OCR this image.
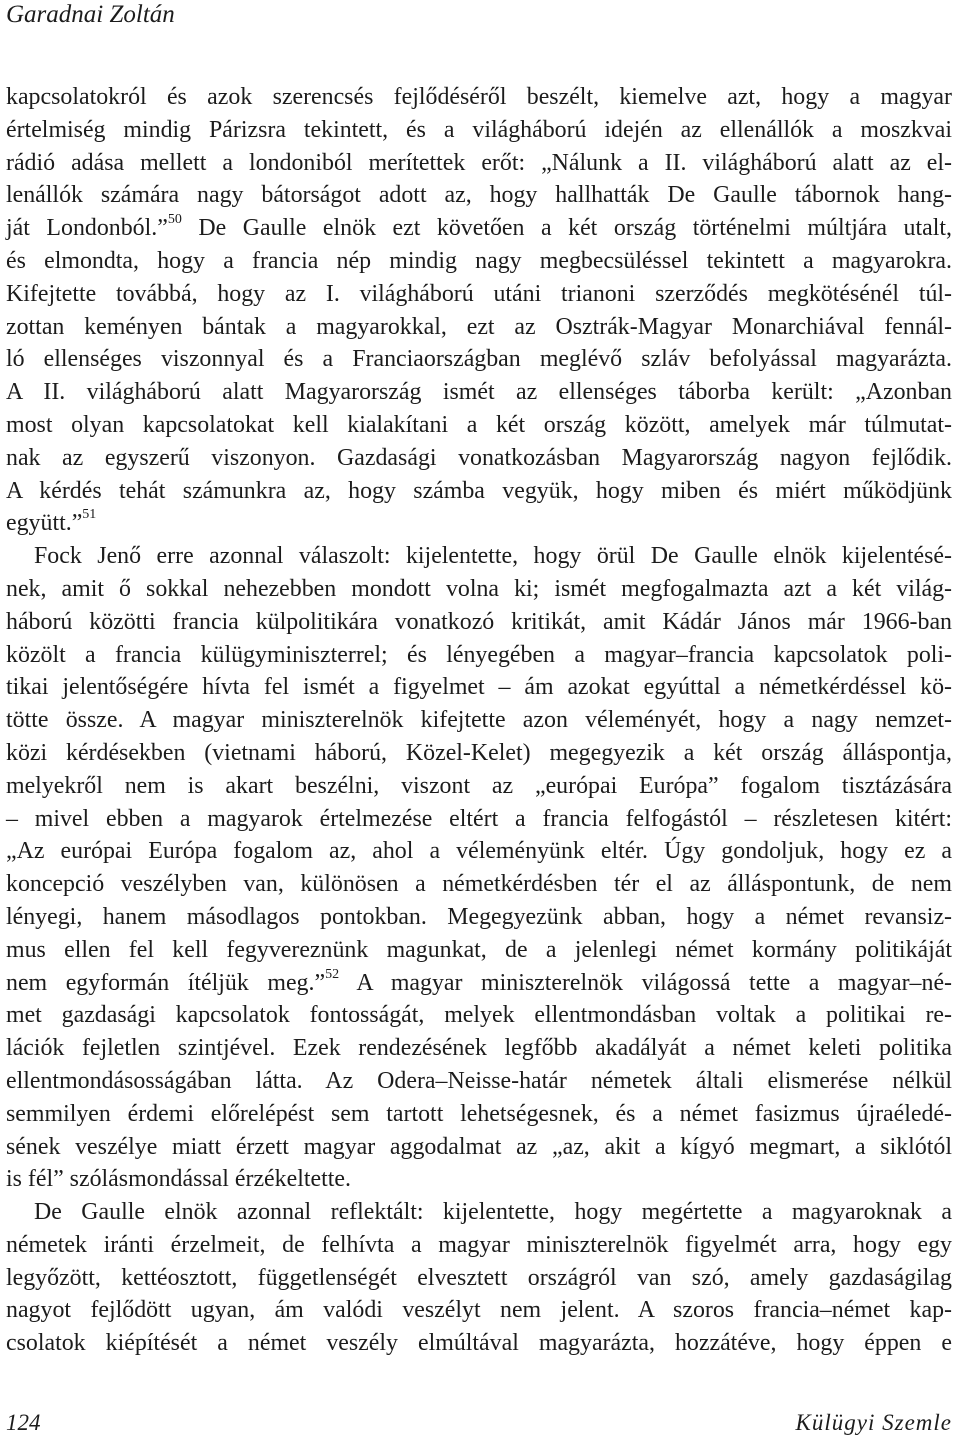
Garadnai Zoltán

kapcsolatokról és azok szerencsés fejlődéséről beszélt, kiemelve azt, hogy a magyar
értelmiség mindig Párizsra tekintett, és a világháború idején az ellenállók a moszkvai
rádió adása mellett a londoniból merítettek erőt: „Nálunk a II. világháború alatt az el-
lenállók számára nagy bátorságot adott az, hogy hallhatták De Gaulle tábornok hang-
ját Londonból.”$^{50}$ De Gaulle elnök ezt követően a két ország történelmi múltjára utalt,
és elmondta, hogy a francia nép mindig nagy megbecsüléssel tekintett a magyarokra.
Kifejtette továbbá, hogy az I. világháború utáni trianoni szerződés megkötésénél túl-
zottan keményen bántak a magyarokkal, ezt az Osztrák-Magyar Monarchiával fennál-
ló ellenséges viszonnyal és a Franciaországban meglévő szláv befolyással magyarázta.
A II. világháború alatt Magyarország ismét az ellenséges táborba került: „Azonban
most olyan kapcsolatokat kell kialakítani a két ország között, amelyek már túlmutat-
nak az egyszerű viszonyon. Gazdasági vonatkozásban Magyarország nagyon fejlődik.
A kérdés tehát számunkra az, hogy számba vegyük, hogy miben és miért működjünk
együtt.”$^{51}$

Fock Jenő erre azonnal válaszolt: kijelentette, hogy örül De Gaulle elnök kijelentésé-
nek, amit ő sokkal nehezebben mondott volna ki; ismét megfogalmazta azt a két világ-
háború közötti francia külpolitikára vonatkozó kritikát, amit Kádár János már 1966-ban
közölt a francia külügyminiszterrel; és lényegében a magyar–francia kapcsolatok poli-
tikai jelentőségére hívta fel ismét a figyelmet – ám azokat egyúttal a németkérdéssel kö-
tötte össze. A magyar miniszterelnök kifejtette azon véleményét, hogy a nagy nemzet-
közi kérdésekben (vietnami háború, Közel-Kelet) megegyezik a két ország álláspontja,
melyekről nem is akart beszélni, viszont az „európai Európa” fogalom tisztázására
– mivel ebben a magyarok értelmezése eltért a francia felfogástól – részletesen kitért:
„Az európai Európa fogalom az, ahol a véleményünk eltér. Úgy gondoljuk, hogy ez a
koncepció veszélyben van, különösen a németkérdésben tér el az álláspontunk, de nem
lényegi, hanem másodlagos pontokban. Megegyezünk abban, hogy a német revansiz-
mus ellen fel kell fegyvereznünk magunkat, de a jelenlegi német kormány politikáját
nem egyformán ítéljük meg.”$^{52}$ A magyar miniszterelnök világossá tette a magyar–né-
met gazdasági kapcsolatok fontosságát, melyek ellentmondásban voltak a politikai re-
lációk fejletlen szintjével. Ezek rendezésének legfőbb akadályát a német keleti politika
ellentmondásosságában látta. Az Odera–Neisse-határ németek általi elismerése nélkül
semmilyen érdemi előrelépést sem tartott lehetségesnek, és a német fasizmus újraéledé-
sének veszélye miatt érzett magyar aggodalmat az „az, akit a kígyó megmart, a siklótól
is fél” szólásmondással érzékeltette.

De Gaulle elnök azonnal reflektált: kijelentette, hogy megértette a magyaroknak a
németek iránti érzelmeit, de felhívta a magyar miniszterelnök figyelmét arra, hogy egy
legyőzött, kettéosztott, függetlenségét elvesztett országról van szó, amely gazdaságilag
nagyot fejlődött ugyan, ám valódi veszélyt nem jelent. A szoros francia–német kap-
csolatok kiépítését a német veszély elmúltával magyarázta, hozzátéve, hogy éppen e

124	Külügyi Szemle
